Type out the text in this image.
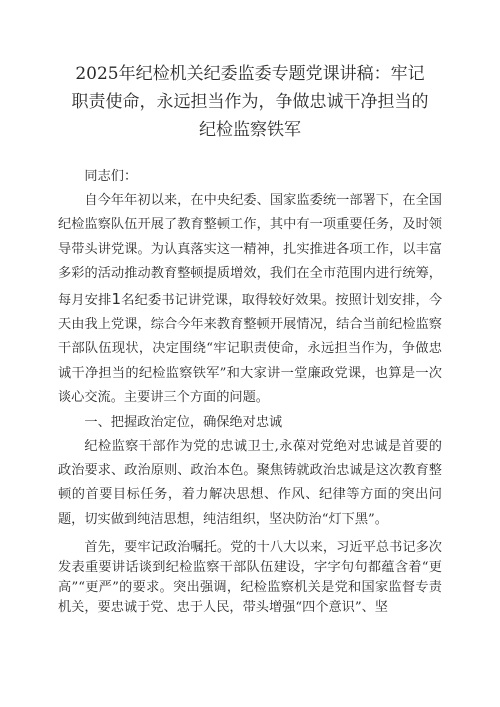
2025年纪检机关纪委监委专题党课讲稿：牢记
职责使命，永远担当作为，争做忠诚干净担当的
纪检监察铁军

同志们：

自今年年初以来，在中央纪委、国家监委统一部署下，在全国纪检监察队伍开展了教育整顿工作，其中有一项重要任务，及时领导带头讲党课。为认真落实这一精神，扎实推进各项工作，以丰富多彩的活动推动教育整顿提质增效，我们在全市范围内进行统筹，每月安排1名纪委书记讲党课，取得较好效果。按照计划安排，今天由我上党课，综合今年来教育整顿开展情况，结合当前纪检监察干部队伍现状，决定围绕“牢记职责使命，永远担当作为，争做忠诚干净担当的纪检监察铁军”和大家讲一堂廉政党课，也算是一次谈心交流。主要讲三个方面的问题。

一、把握政治定位，确保绝对忠诚

纪检监察干部作为党的忠诚卫士,永葆对党绝对忠诚是首要的政治要求、政治原则、政治本色。聚焦铸就政治忠诚是这次教育整顿的首要目标任务，着力解决思想、作风、纪律等方面的突出问题，切实做到纯洁思想，纯洁组织，坚决防治“灯下黑”。

首先，要牢记政治嘱托。党的十八大以来，习近平总书记多次发表重要讲话谈到纪检监察干部队伍建设，字字句句都蕴含着“更高”“更严”的要求。突出强调，纪检监察机关是党和国家监督专责机关，要忠诚于党、忠于人民，带头增强“四个意识”、坚
